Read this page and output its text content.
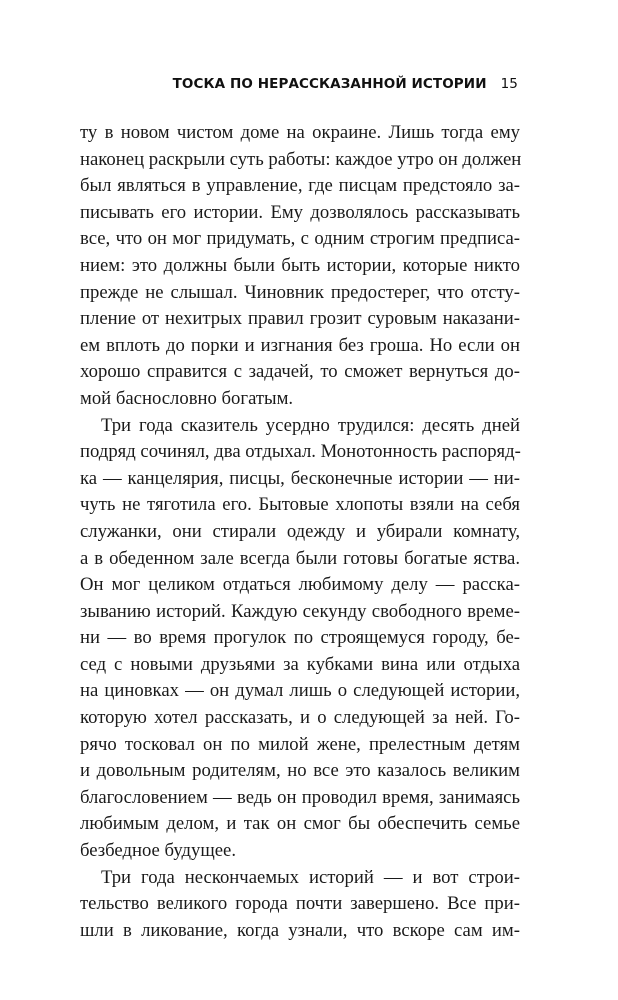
ТОСКА ПО НЕРАССКАЗАННОЙ ИСТОРИИ 15
ту в новом чистом доме на окраине. Лишь тогда ему
наконец раскрыли суть работы: каждое утро он должен
был являться в управление, где писцам предстояло за-
писывать его истории. Ему дозволялось рассказывать
все, что он мог придумать, с одним строгим предписа-
нием: это должны были быть истории, которые никто
прежде не слышал. Чиновник предостерег, что отсту-
пление от нехитрых правил грозит суровым наказани-
ем вплоть до порки и изгнания без гроша. Но если он
хорошо справится с задачей, то сможет вернуться до-
мой баснословно богатым.
Три года сказитель усердно трудился: десять дней
подряд сочинял, два отдыхал. Монотонность распоряд-
ка — канцелярия, писцы, бесконечные истории — ни-
чуть не тяготила его. Бытовые хлопоты взяли на себя
служанки, они стирали одежду и убирали комнату,
а в обеденном зале всегда были готовы богатые яства.
Он мог целиком отдаться любимому делу — расска-
зыванию историй. Каждую секунду свободного време-
ни — во время прогулок по строящемуся городу, бе-
сед с новыми друзьями за кубками вина или отдыха
на циновках — он думал лишь о следующей истории,
которую хотел рассказать, и о следующей за ней. Го-
рячо тосковал он по милой жене, прелестным детям
и довольным родителям, но все это казалось великим
благословением — ведь он проводил время, занимаясь
любимым делом, и так он смог бы обеспечить семье
безбедное будущее.
Три года нескончаемых историй — и вот строи-
тельство великого города почти завершено. Все при-
шли в ликование, когда узнали, что вскоре сам им-
